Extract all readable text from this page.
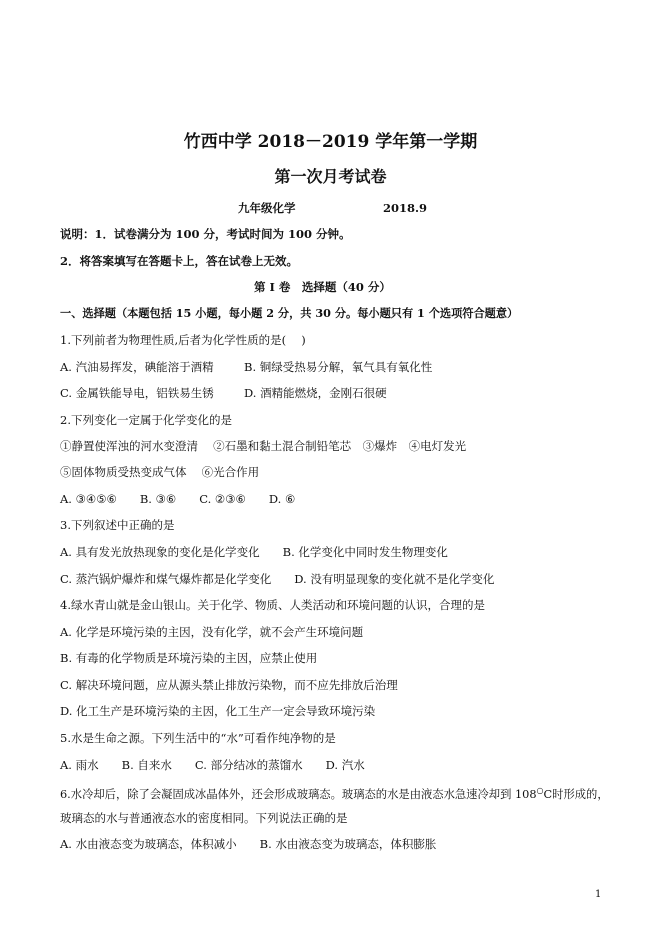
竹西中学 2018－2019 学年第一学期
第一次月考试卷
九年级化学	2018.9
说明：1．试卷满分为 100 分，考试时间为 100 分钟。
2．将答案填写在答题卡上，答在试卷上无效。
第 I 卷　选择题（40 分）
一、选择题（本题包括 15 小题，每小题 2 分，共 30 分。每小题只有 1 个选项符合题意）
1.下列前者为物理性质,后者为化学性质的是(　 )
A. 汽油易挥发，碘能溶于酒精	B. 铜绿受热易分解，氧气具有氧化性
C. 金属铁能导电，铝铁易生锈	D. 酒精能燃烧，金刚石很硬
2.下列变化一定属于化学变化的是
①静置使浑浊的河水变澄清　 ②石墨和黏土混合制铅笔芯　③爆炸　④电灯发光
⑤固体物质受热变成气体　 ⑥光合作用
A. ③④⑤⑥　　B. ③⑥　　C. ②③⑥　　D. ⑥
3.下列叙述中正确的是
A. 具有发光放热现象的变化是化学变化　　B. 化学变化中同时发生物理变化
C. 蒸汽锅炉爆炸和煤气爆炸都是化学变化　　D. 没有明显现象的变化就不是化学变化
4.绿水青山就是金山银山。关于化学、物质、人类活动和环境问题的认识，合理的是
A. 化学是环境污染的主因，没有化学，就不会产生环境问题
B. 有毒的化学物质是环境污染的主因，应禁止使用
C. 解决环境问题，应从源头禁止排放污染物，而不应先排放后治理
D. 化工生产是环境污染的主因，化工生产一定会导致环境污染
5.水是生命之源。下列生活中的“水”可看作纯净物的是
A. 雨水　　B. 自来水　　C. 部分结冰的蒸馏水　　D. 汽水
6.水冷却后，除了会凝固成冰晶体外，还会形成玻璃态。玻璃态的水是由液态水急速冷却到 108○C时形成的，
玻璃态的水与普通液态水的密度相同。下列说法正确的是
A. 水由液态变为玻璃态，体积减小　　B. 水由液态变为玻璃态，体积膨胀
1
